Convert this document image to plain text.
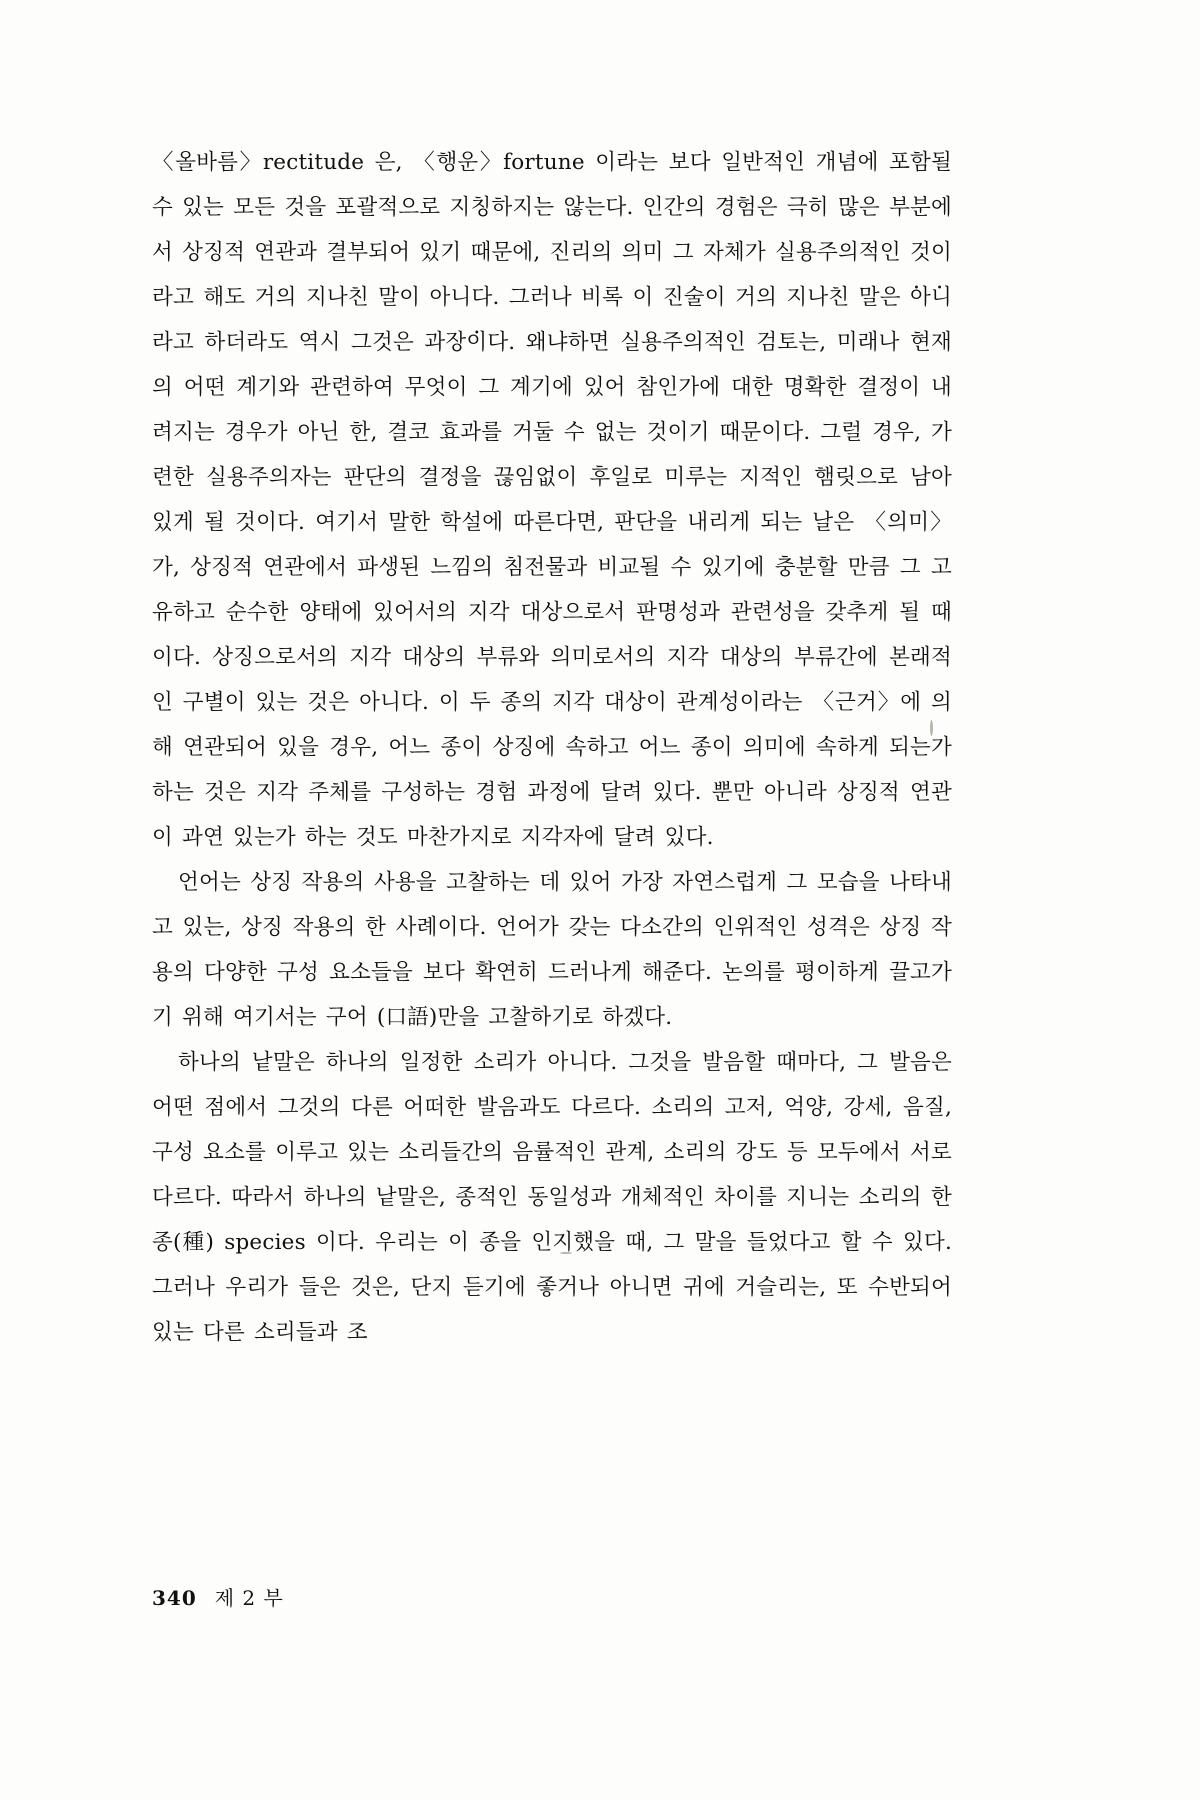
〈올바름〉rectitude 은, 〈행운〉fortune 이라는 보다 일반적인 개념에 포함될 수 있는 모든 것을 포괄적으로 지칭하지는 않는다. 인간의 경험은 극히 많은 부분에서 상징적 연관과 결부되어 있기 때문에, 진리의 의미 그 자체가 실용주의적인 것이라고 해도 거의 지나친 말이 아니다. 그러나 비록 이 진술이 거의 지나친 말은 • • 아니라고 하더라도 역시 그것은 과장이다. 왜냐하면 실용주의적인 검토는, 미래나 현재의 어떤 계기와 관련하여 무엇이 그 계기에 있어 참인가에 대한 명확한 결정이 내려지는 경우가 아닌 한, 결코 효과를 거둘 수 없는 것이기 때문이다. 그럴 경우, 가련한 실용주의자는 판단의 결정을 끊임없이 후일로 미루는 지적인 햄릿으로 남아 있게 될 것이다. 여기서 말한 학설에 따른다면, 판단을 내리게 되는 날은 〈의미〉가, 상징적 연관에서 파생된 느낌의 침전물과 비교될 수 있기에 충분할 만큼 그 고유하고 순수한 양태에 있어서의 지각 대상으로서 판명성과 관련성을 갖추게 될 때이다. 상징으로서의 지각 대상의 부류와 의미로서의 지각 대상의 부류간에 본래적인 구별이 있는 것은 아니다. 이 두 종의 지각 대상이 관계성이라는 〈근거〉에 의해 연관되어 있을 경우, 어느 종이 상징에 속하고 어느 종이 의미에 속하게 되는가 하는 것은 지각 주체를 구성하는 경험 과정에 달려 있다. 뿐만 아니라 상징적 연관이 과연 있는가 하는 것도 마찬가지로 지각자에 달려 있다.

언어는 상징 작용의 사용을 고찰하는 데 있어 가장 자연스럽게 그 모습을 나타내고 있는, 상징 작용의 한 사례이다. 언어가 갖는 다소간의 인위적인 성격은 상징 작용의 다양한 구성 요소들을 보다 확연히 드러나게 해준다. 논의를 평이하게 끌고가기 위해 여기서는 구어 (口語)만을 고찰하기로 하겠다.

하나의 낱말은 하나의 일정한 소리가 아니다. 그것을 발음할 때마다, 그 발음은 어떤 점에서 그것의 다른 어떠한 발음과도 다르다. 소리의 고저, 억양, 강세, 음질, 구성 요소를 이루고 있는 소리들간의 음률적인 관계, 소리의 강도 등 모두에서 서로 다르다. 따라서 하나의 낱말은, 종적인 동일성과 개체적인 차이를 지니는 소리의 한 종(種) species 이다. 우리는 이 종을 인지했을 때, 그 말을 들었다고 할 수 있다. 그러나 우리가 들은 것은, 단지 듣기에 좋거나 아니면 귀에 거슬리는, 또 수반되어 있는 다른 소리들과 조

340 제 2 부
